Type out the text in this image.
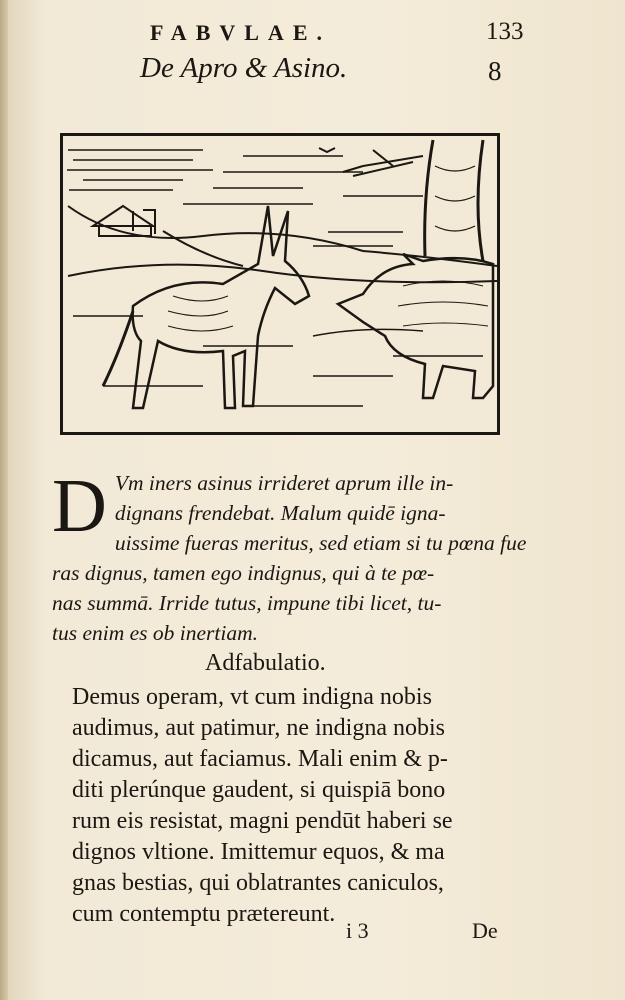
FABVLAE.	133
De Apro & Asino.	8
D Vm iners asinus irrideret aprum ille in-
dignans frendebat. Malum quidē igna-
uissime fueras meritus, sed etiam si tu pœna fue
ras dignus, tamen ego indignus, qui à te pœ-
nas summā. Irride tutus, impune tibi licet, tu-
tus enim es ob inertiam.
Adfabulatio.
Demus operam, vt cum indigna nobis
audimus, aut patimur, ne indigna nobis
dicamus, aut faciamus. Mali enim & p-
diti plerúnque gaudent, si quispiā bono
rum eis resistat, magni pendūt haberi se
dignos vltione. Imittemur equos, & ma
gnas bestias, qui oblatrantes caniculos,
cum contemptu prætereunt.
i 3	De
